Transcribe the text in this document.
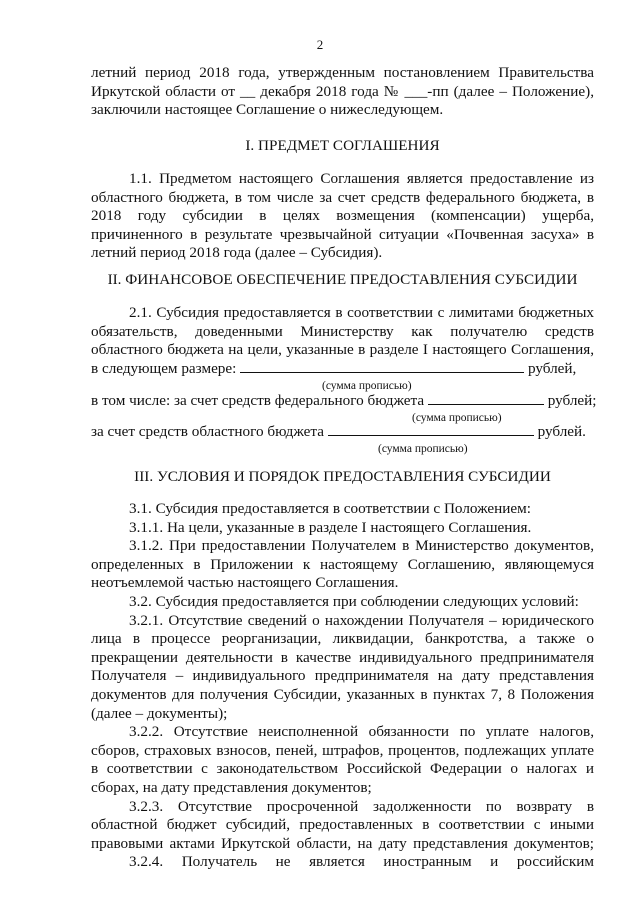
2
летний период 2018 года, утвержденным постановлением Правительства
Иркутской области от __ декабря 2018 года № ___-пп (далее – Положение),
заключили настоящее Соглашение о нижеследующем.
I. ПРЕДМЕТ СОГЛАШЕНИЯ
1.1. Предметом настоящего Соглашения является предоставление из
областного бюджета, в том числе за счет средств федерального бюджета, в
2018 году субсидии в целях возмещения (компенсации) ущерба,
причиненного в результате чрезвычайной ситуации «Почвенная засуха» в
летний период 2018 года (далее – Субсидия).
II. ФИНАНСОВОЕ ОБЕСПЕЧЕНИЕ ПРЕДОСТАВЛЕНИЯ СУБСИДИИ
2.1. Субсидия предоставляется в соответствии с лимитами бюджетных
обязательств, доведенными Министерству как получателю средств
областного бюджета на цели, указанные в разделе I настоящего Соглашения,
в следующем размере:	рублей,
(сумма прописью)
в том числе: за счет средств федерального бюджета	рублей;
(сумма прописью)
за счет средств областного бюджета	рублей.
(сумма прописью)
III. УСЛОВИЯ И ПОРЯДОК ПРЕДОСТАВЛЕНИЯ СУБСИДИИ
3.1. Субсидия предоставляется в соответствии с Положением:
3.1.1. На цели, указанные в разделе I настоящего Соглашения.
3.1.2. При предоставлении Получателем в Министерство документов,
определенных в Приложении к настоящему Соглашению, являющемуся
неотъемлемой частью настоящего Соглашения.
3.2. Субсидия предоставляется при соблюдении следующих условий:
3.2.1. Отсутствие сведений о нахождении Получателя – юридического
лица в процессе реорганизации, ликвидации, банкротства, а также о
прекращении деятельности в качестве индивидуального предпринимателя
Получателя – индивидуального предпринимателя на дату представления
документов для получения Субсидии, указанных в пунктах 7, 8 Положения
(далее – документы);
3.2.2. Отсутствие неисполненной обязанности по уплате налогов,
сборов, страховых взносов, пеней, штрафов, процентов, подлежащих уплате
в соответствии с законодательством Российской Федерации о налогах и
сборах, на дату представления документов;
3.2.3. Отсутствие просроченной задолженности по возврату в
областной бюджет субсидий, предоставленных в соответствии с иными
правовыми актами Иркутской области, на дату представления документов;
3.2.4. Получатель не является иностранным и российским
